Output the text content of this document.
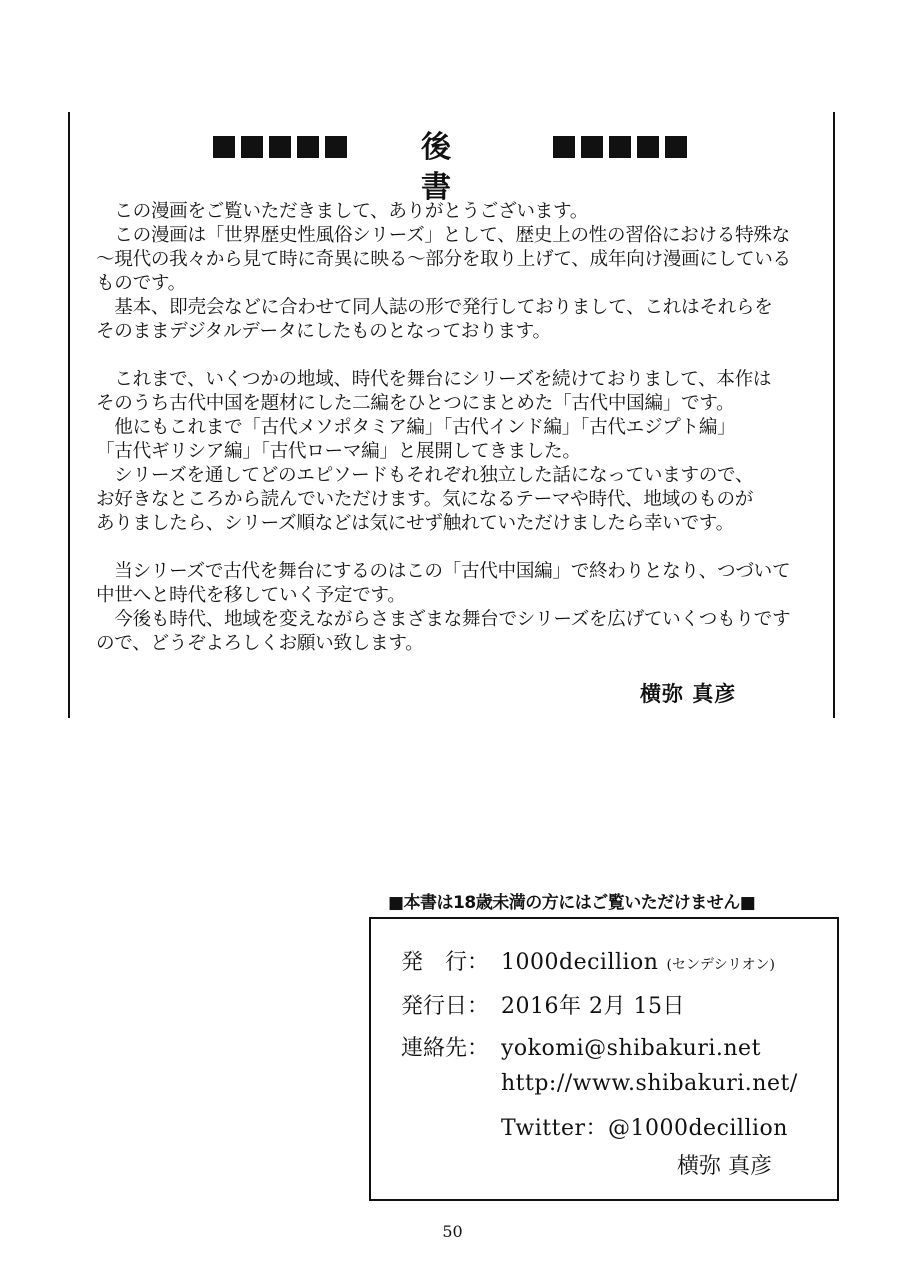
後 書
　この漫画をご覧いただきまして、ありがとうございます。
　この漫画は「世界歴史性風俗シリーズ」として、歴史上の性の習俗における特殊な
～現代の我々から見て時に奇異に映る～部分を取り上げて、成年向け漫画にしている
ものです。
　基本、即売会などに合わせて同人誌の形で発行しておりまして、これはそれらを
そのままデジタルデータにしたものとなっております。
　これまで、いくつかの地域、時代を舞台にシリーズを続けておりまして、本作は
そのうち古代中国を題材にした二編をひとつにまとめた「古代中国編」です。
　他にもこれまで「古代メソポタミア編」「古代インド編」「古代エジプト編」
「古代ギリシア編」「古代ローマ編」と展開してきました。
　シリーズを通してどのエピソードもそれぞれ独立した話になっていますので、
お好きなところから読んでいただけます。気になるテーマや時代、地域のものが
ありましたら、シリーズ順などは気にせず触れていただけましたら幸いです。
　当シリーズで古代を舞台にするのはこの「古代中国編」で終わりとなり、つづいて
中世へと時代を移していく予定です。
　今後も時代、地域を変えながらさまざまな舞台でシリーズを広げていくつもりです
ので、どうぞよろしくお願い致します。
横弥 真彦
■本書は18歳未満の方にはご覧いただけません■
発　行： 1000decillion (センデシリオン)
発行日： 2016年 2月 15日
連絡先： yokomi@shibakuri.net
http://www.shibakuri.net/
Twitter：@1000decillion
横弥 真彦
50
